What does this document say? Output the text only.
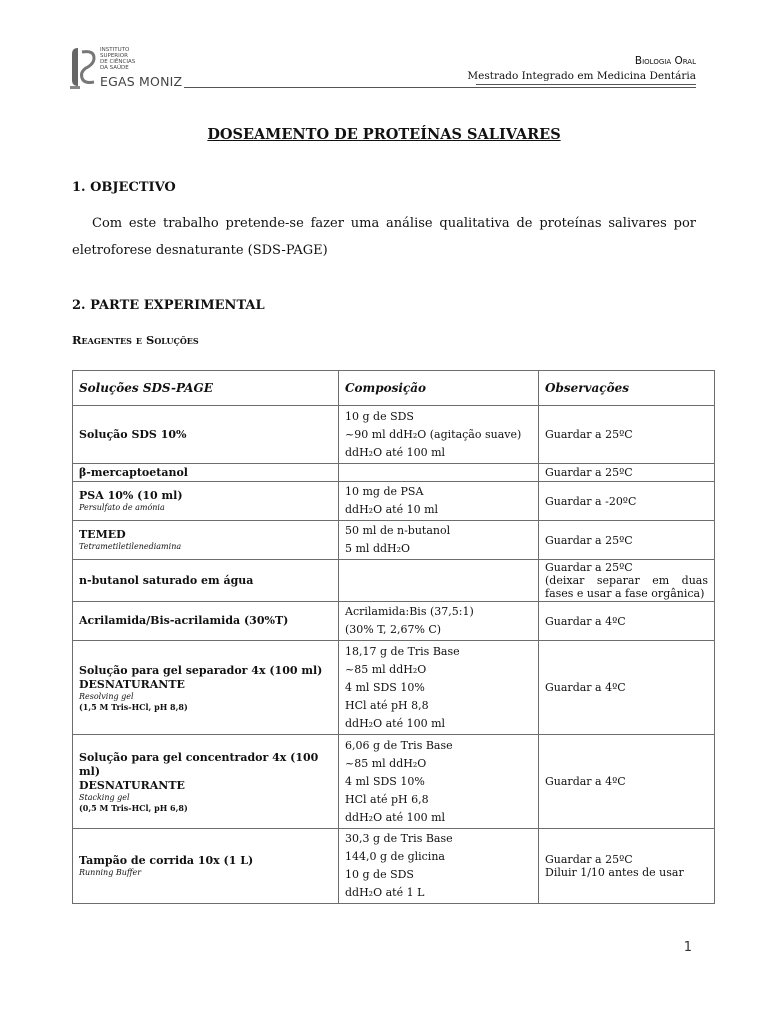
INSTITUTO
SUPERIOR
DE CIÊNCIAS
DA SAÚDE
EGAS MONIZ
Biologia Oral
Mestrado Integrado em Medicina Dentária
DOSEAMENTO DE PROTEÍNAS SALIVARES
1. OBJECTIVO
Com este trabalho pretende-se fazer uma análise qualitativa de proteínas salivares por eletroforese desnaturante (SDS-PAGE)
2. PARTE EXPERIMENTAL
Reagentes e Soluções
Soluções SDS-PAGE	Composição	Observações

Solução SDS 10%	10 g de SDS
~90 ml ddH₂O (agitação suave)
ddH₂O até 100 ml	Guardar a 25ºC

β-mercaptoetanol		Guardar a 25ºC

PSA 10% (10 ml)
Persulfato de amónia	10 mg de PSA
ddH₂O até 10 ml	Guardar a -20ºC

TEMED
Tetrametiletilenediamina	50 ml de n-butanol
5 ml ddH₂O	Guardar a 25ºC

n-butanol saturado em água		Guardar a 25ºC
(deixar separar em duas fases e usar a fase orgânica)

Acrilamida/Bis-acrilamida (30%T)	Acrilamida:Bis (37,5:1)
(30% T, 2,67% C)	Guardar a 4ºC

Solução para gel separador 4x (100 ml)
DESNATURANTE
Resolving gel
(1,5 M Tris-HCl, pH 8,8)	18,17 g de Tris Base
~85 ml ddH₂O
4 ml SDS 10%
HCl até pH 8,8
ddH₂O até 100 ml	Guardar a 4ºC

Solução para gel concentrador 4x (100 ml)
DESNATURANTE
Stacking gel
(0,5 M Tris-HCl, pH 6,8)	6,06 g de Tris Base
~85 ml ddH₂O
4 ml SDS 10%
HCl até pH 6,8
ddH₂O até 100 ml	Guardar a 4ºC

Tampão de corrida 10x (1 L)
Running Buffer	30,3 g de Tris Base
144,0 g de glicina
10 g de SDS
ddH₂O até 1 L	Guardar a 25ºC
Diluir 1/10 antes de usar
1
